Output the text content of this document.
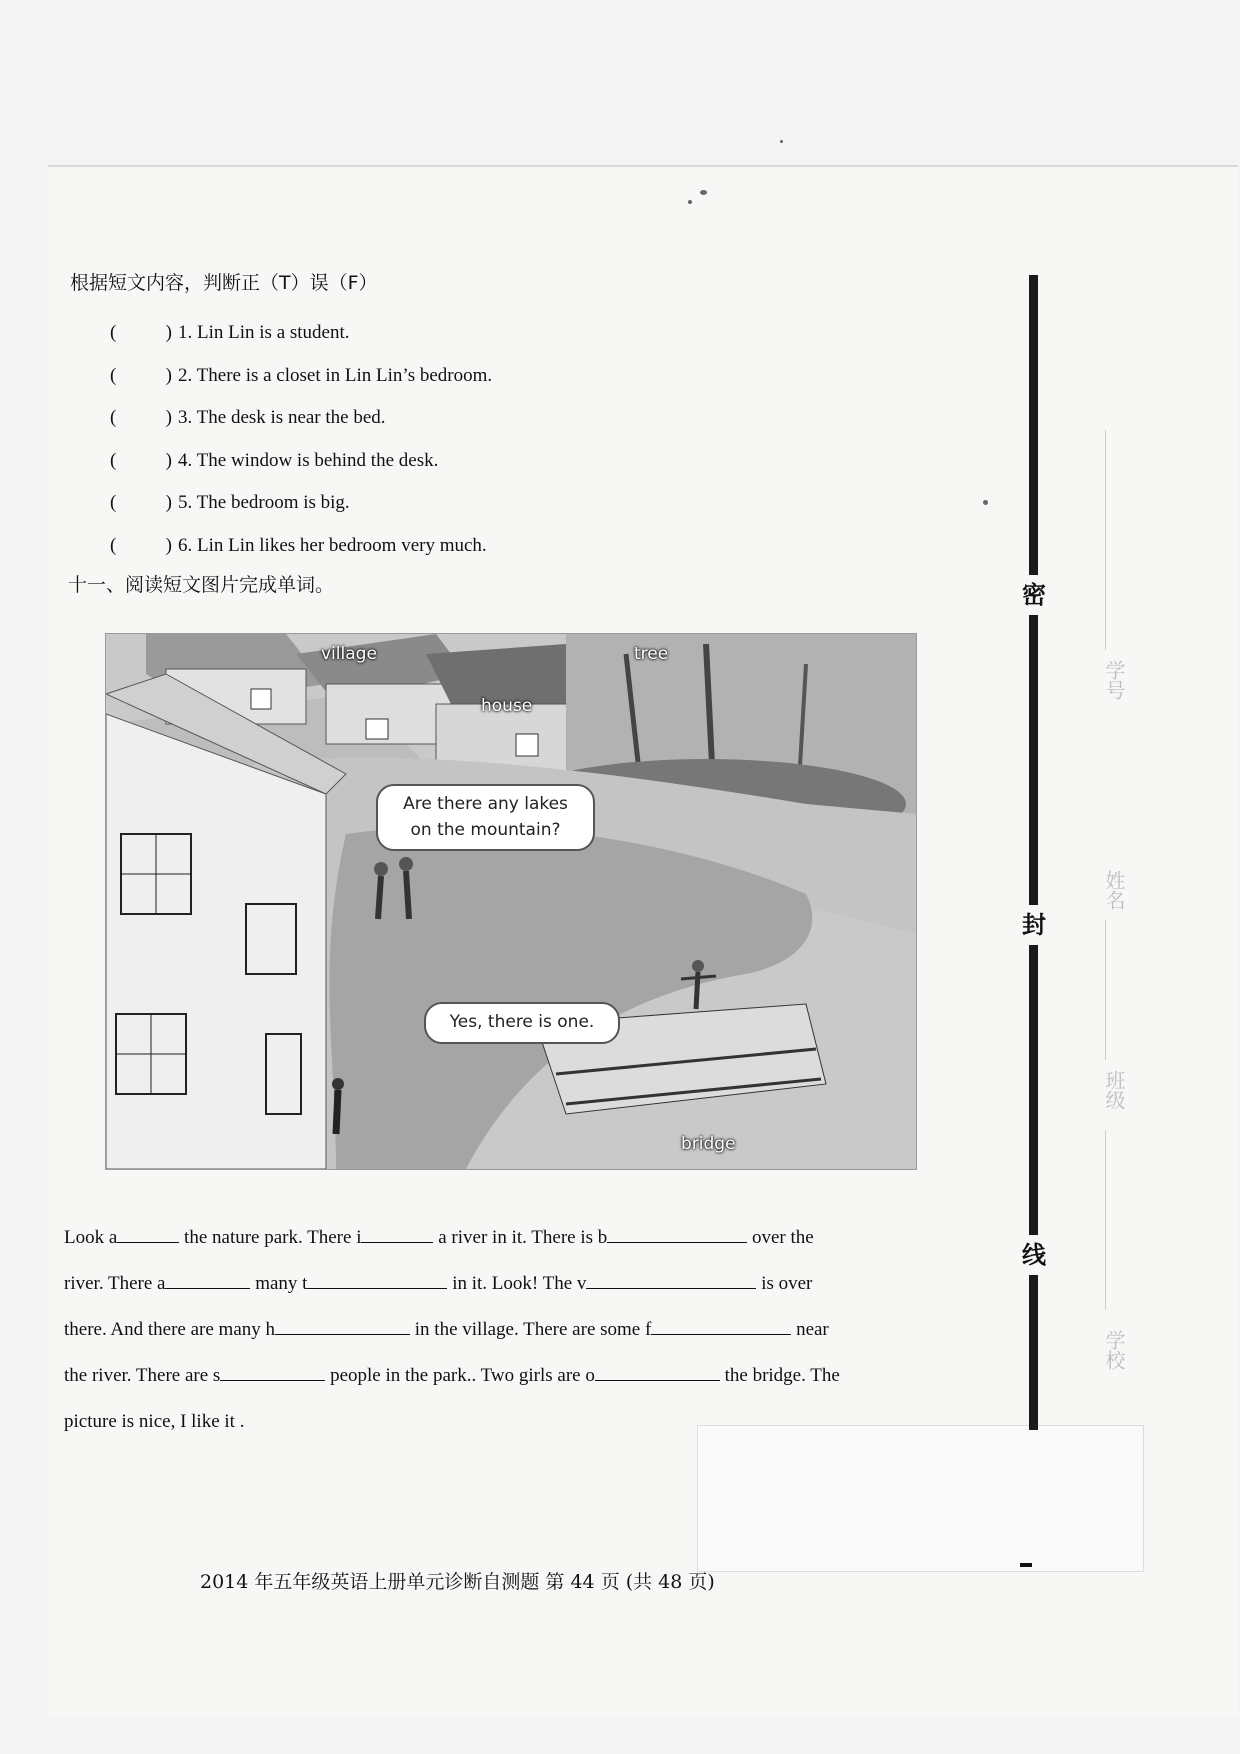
学号
姓名
班级
学校
根据短文内容，判断正（T）误（F）
( )
1. Lin Lin is a student.
( )
2. There is a closet in Lin Lin’s bedroom.
( )
3. The desk is near the bed.
( )
4. The window is behind the desk.
( )
5. The bedroom is big.
( )
6. Lin Lin likes her bedroom very much.
十一、阅读短文图片完成单词。
village	tree
house
bridge
Are there any lakes
on the mountain?
Yes, there is one.
Look a	the nature park. There i	a river in it. There is b	over the
river. There a	many t	in it. Look! The v	is over
there. And there are many h	in the village. There are some f	near
the river. There are s	people in the park.. Two girls are o	the bridge. The
picture is nice, I like it .
密
封
线
2014 年五年级英语上册单元诊断自测题 第 44 页 (共 48 页)
